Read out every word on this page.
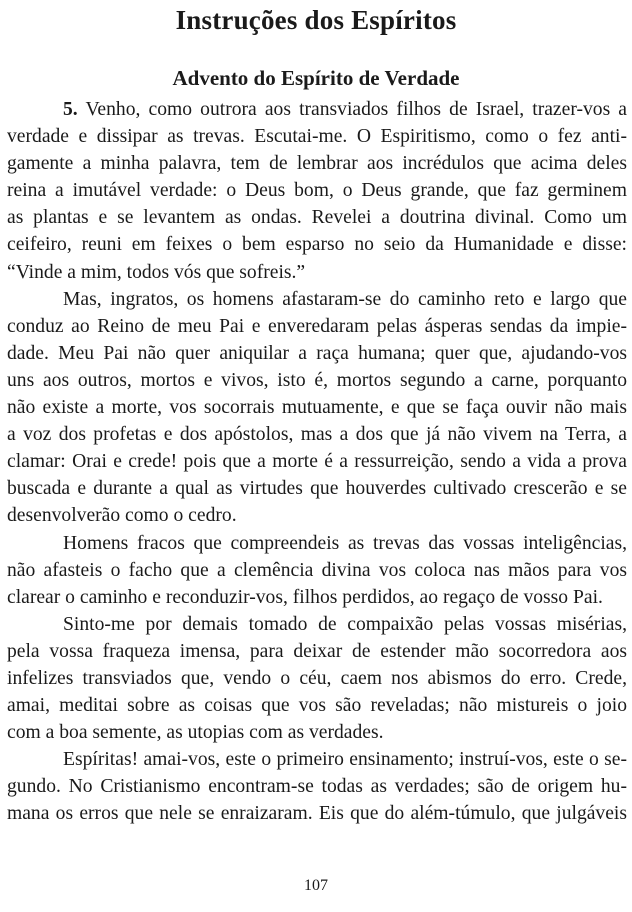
Instruções dos Espíritos
Advento do Espírito de Verdade
5. Venho, como outrora aos transviados filhos de Israel, trazer-vos a
verdade e dissipar as trevas. Escutai-me. O Espiritismo, como o fez anti-
gamente a minha palavra, tem de lembrar aos incrédulos que acima deles
reina a imutável verdade: o Deus bom, o Deus grande, que faz germinem
as plantas e se levantem as ondas. Revelei a doutrina divinal. Como um
ceifeiro, reuni em feixes o bem esparso no seio da Humanidade e disse:
“Vinde a mim, todos vós que sofreis.”
Mas, ingratos, os homens afastaram-se do caminho reto e largo que
conduz ao Reino de meu Pai e enveredaram pelas ásperas sendas da impie-
dade. Meu Pai não quer aniquilar a raça humana; quer que, ajudando-vos
uns aos outros, mortos e vivos, isto é, mortos segundo a carne, porquanto
não existe a morte, vos socorrais mutuamente, e que se faça ouvir não mais
a voz dos profetas e dos apóstolos, mas a dos que já não vivem na Terra, a
clamar: Orai e crede! pois que a morte é a ressurreição, sendo a vida a prova
buscada e durante a qual as virtudes que houverdes cultivado crescerão e se
desenvolverão como o cedro.
Homens fracos que compreendeis as trevas das vossas inteligências,
não afasteis o facho que a clemência divina vos coloca nas mãos para vos
clarear o caminho e reconduzir-vos, filhos perdidos, ao regaço de vosso Pai.
Sinto-me por demais tomado de compaixão pelas vossas misérias,
pela vossa fraqueza imensa, para deixar de estender mão socorredora aos
infelizes transviados que, vendo o céu, caem nos abismos do erro. Crede,
amai, meditai sobre as coisas que vos são reveladas; não mistureis o joio
com a boa semente, as utopias com as verdades.
Espíritas! amai-vos, este o primeiro ensinamento; instruí-vos, este o se-
gundo. No Cristianismo encontram-se todas as verdades; são de origem hu-
mana os erros que nele se enraizaram. Eis que do além-túmulo, que julgáveis
107
